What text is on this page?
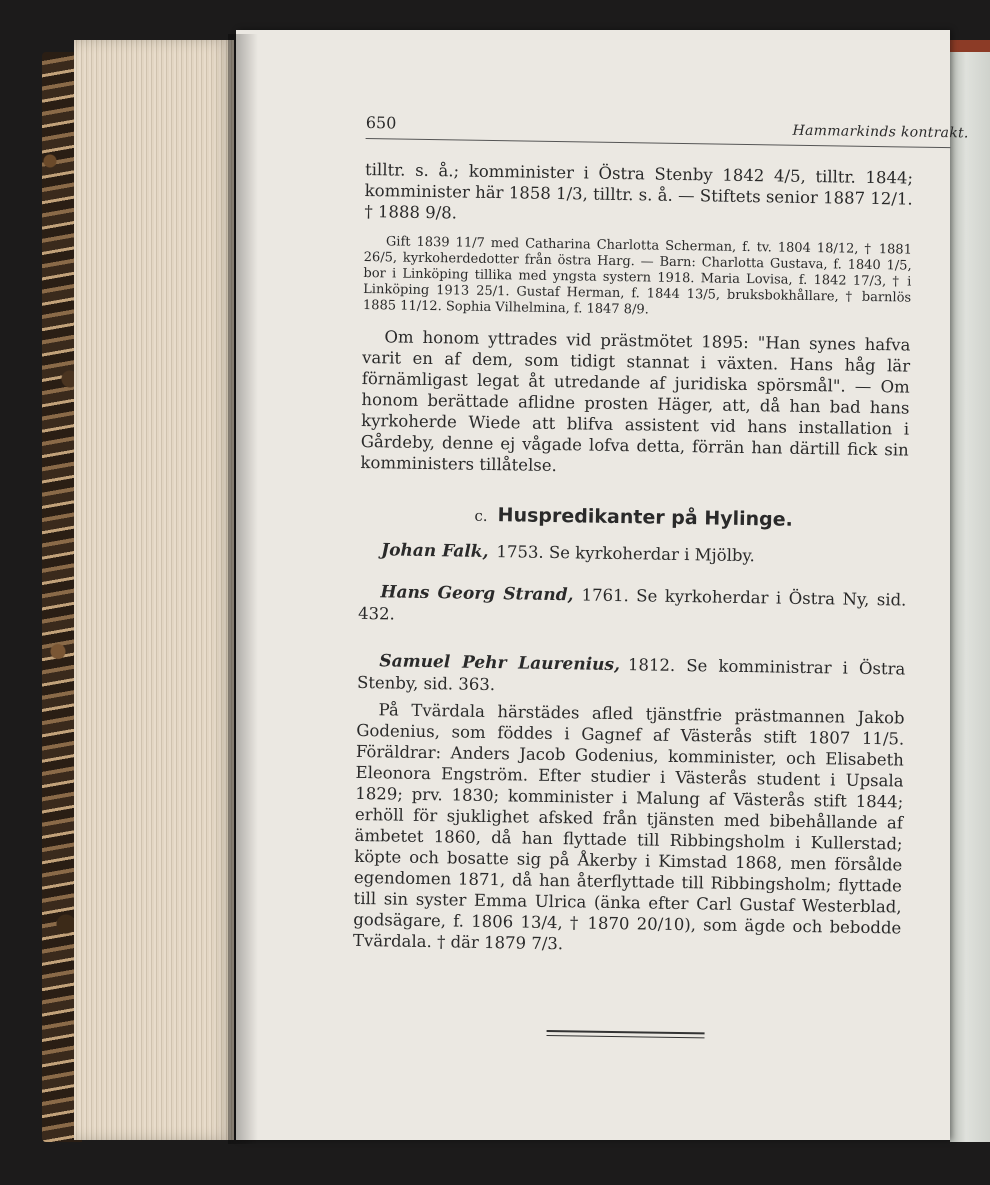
650	Hammarkinds kontrakt.

tilltr. s. å.; komminister i Östra Stenby 1842 4/5, tilltr. 1844; komminister här 1858 1/3, tilltr. s. å. — Stiftets senior 1887 12/1. † 1888 9/8.

Gift 1839 11/7 med Catharina Charlotta Scherman, f. tv. 1804 18/12, † 1881 26/5, kyrkoherdedotter från östra Harg. — Barn: Charlotta Gustava, f. 1840 1/5, bor i Linköping tillika med yngsta systern 1918. Maria Lovisa, f. 1842 17/3, † i Linköping 1913 25/1. Gustaf Herman, f. 1844 13/5, bruksbokhållare, † barnlös 1885 11/12. Sophia Vilhelmina, f. 1847 8/9.

Om honom yttrades vid prästmötet 1895: "Han synes hafva varit en af dem, som tidigt stannat i växten. Hans håg lär förnämligast legat åt utredande af juridiska spörsmål". — Om honom berättade aflidne prosten Häger, att, då han bad hans kyrkoherde Wiede att blifva assistent vid hans installation i Gårdeby, denne ej vågade lofva detta, förrän han därtill fick sin komministers tillåtelse.

c. Huspredikanter på Hylinge.

Johan Falk, 1753. Se kyrkoherdar i Mjölby.

Hans Georg Strand, 1761. Se kyrkoherdar i Östra Ny, sid. 432.

Samuel Pehr Laurenius, 1812. Se komministrar i Östra Stenby, sid. 363.

På Tvärdala härstädes afled tjänstfrie prästmannen Jakob Godenius, som föddes i Gagnef af Västerås stift 1807 11/5. Föräldrar: Anders Jacob Godenius, komminister, och Elisabeth Eleonora Engström. Efter studier i Västerås student i Upsala 1829; prv. 1830; komminister i Malung af Västerås stift 1844; erhöll för sjuklighet afsked från tjänsten med bibehållande af ämbetet 1860, då han flyttade till Ribbingsholm i Kullerstad; köpte och bosatte sig på Åkerby i Kimstad 1868, men försålde egendomen 1871, då han återflyttade till Ribbingsholm; flyttade till sin syster Emma Ulrica (änka efter Carl Gustaf Westerblad, godsägare, f. 1806 13/4, † 1870 20/10), som ägde och bebodde Tvärdala. † där 1879 7/3.
